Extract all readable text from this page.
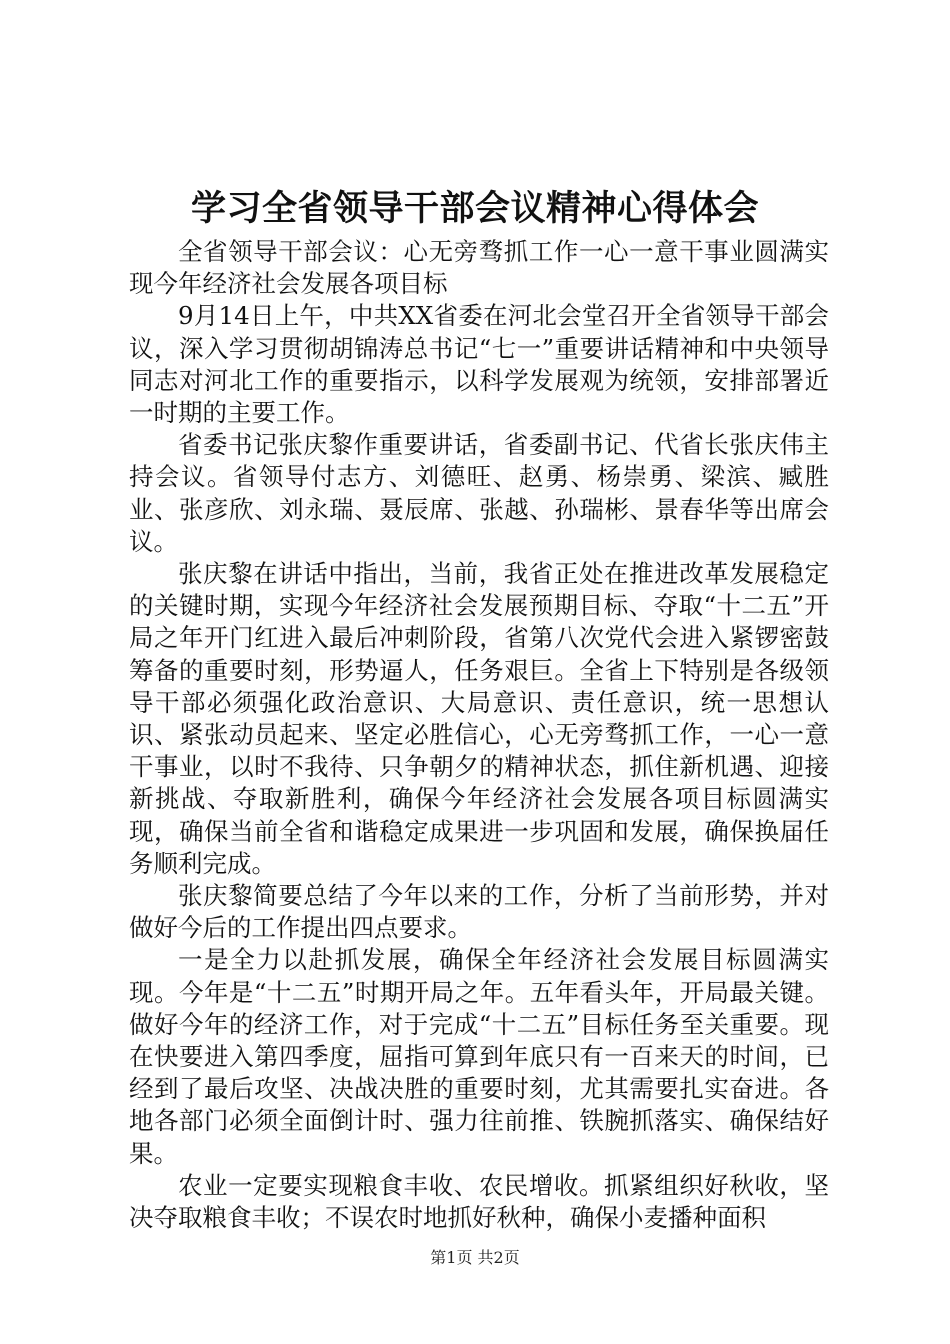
学习全省领导干部会议精神心得体会

全省领导干部会议：心无旁骛抓工作一心一意干事业圆满实现今年经济社会发展各项目标

9月14日上午，中共XX省委在河北会堂召开全省领导干部会议，深入学习贯彻胡锦涛总书记“七一”重要讲话精神和中央领导同志对河北工作的重要指示，以科学发展观为统领，安排部署近一时期的主要工作。

省委书记张庆黎作重要讲话，省委副书记、代省长张庆伟主持会议。省领导付志方、刘德旺、赵勇、杨崇勇、梁滨、臧胜业、张彦欣、刘永瑞、聂辰席、张越、孙瑞彬、景春华等出席会议。

张庆黎在讲话中指出，当前，我省正处在推进改革发展稳定的关键时期，实现今年经济社会发展预期目标、夺取“十二五”开局之年开门红进入最后冲刺阶段，省第八次党代会进入紧锣密鼓筹备的重要时刻，形势逼人，任务艰巨。全省上下特别是各级领导干部必须强化政治意识、大局意识、责任意识，统一思想认识、紧张动员起来、坚定必胜信心，心无旁骛抓工作，一心一意干事业，以时不我待、只争朝夕的精神状态，抓住新机遇、迎接新挑战、夺取新胜利，确保今年经济社会发展各项目标圆满实现，确保当前全省和谐稳定成果进一步巩固和发展，确保换届任务顺利完成。

张庆黎简要总结了今年以来的工作，分析了当前形势，并对做好今后的工作提出四点要求。

一是全力以赴抓发展，确保全年经济社会发展目标圆满实现。今年是“十二五”时期开局之年。五年看头年，开局最关键。做好今年的经济工作，对于完成“十二五”目标任务至关重要。现在快要进入第四季度，屈指可算到年底只有一百来天的时间，已经到了最后攻坚、决战决胜的重要时刻，尤其需要扎实奋进。各地各部门必须全面倒计时、强力往前推、铁腕抓落实、确保结好果。

农业一定要实现粮食丰收、农民增收。抓紧组织好秋收，坚决夺取粮食丰收；不误农时地抓好秋种，确保小麦播种面积

第1页 共2页
